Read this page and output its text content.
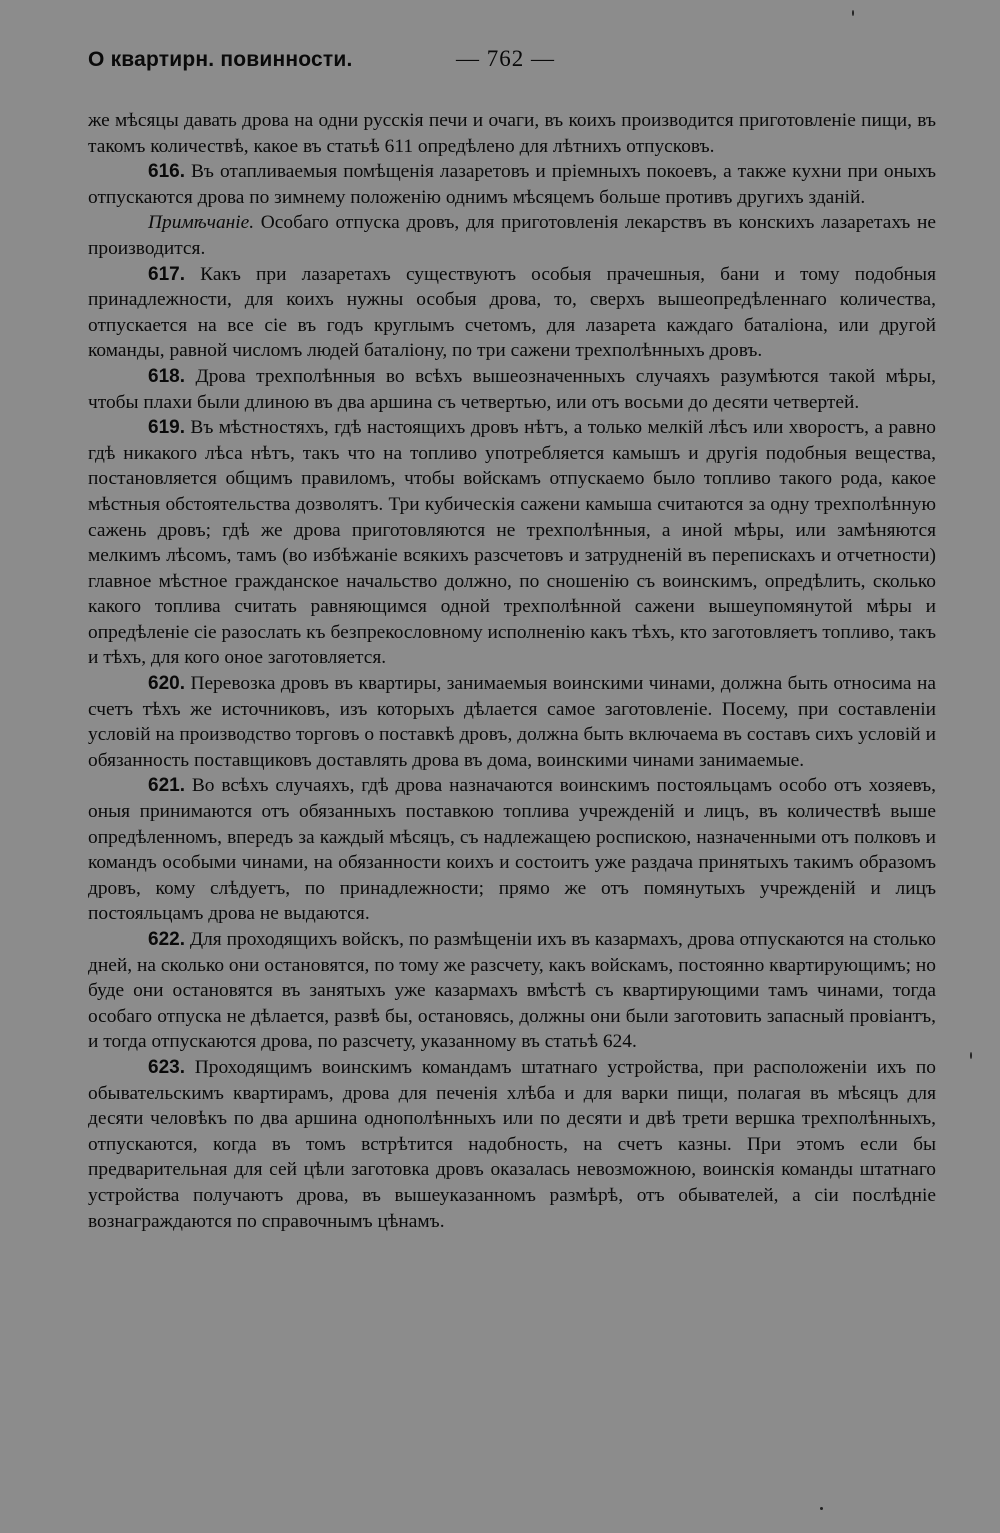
О квартирн. повинности.	— 762 —

же мѣсяцы давать дрова на одни русскія печи и очаги, въ коихъ производится приготовленіе пищи, въ такомъ количествѣ, какое въ статьѣ 611 опредѣлено для лѣтнихъ отпусковъ.

616. Въ отапливаемыя помѣщенія лазаретовъ и пріемныхъ покоевъ, а также кухни при оныхъ отпускаются дрова по зимнему положенію однимъ мѣсяцемъ больше противъ другихъ зданій.

Примѣчаніе. Особаго отпуска дровъ, для приготовленія лекарствъ въ конскихъ лазаретахъ не производится.

617. Какъ при лазаретахъ существуютъ особыя прачешныя, бани и тому подобныя принадлежности, для коихъ нужны особыя дрова, то, сверхъ вышеопредѣленнаго количества, отпускается на все сіе въ годъ круглымъ счетомъ, для лазарета каждаго баталіона, или другой команды, равной числомъ людей баталіону, по три сажени трехполѣнныхъ дровъ.

618. Дрова трехполѣнныя во всѣхъ вышеозначенныхъ случаяхъ разумѣются такой мѣры, чтобы плахи были длиною въ два аршина съ четвертью, или отъ восьми до десяти четвертей.

619. Въ мѣстностяхъ, гдѣ настоящихъ дровъ нѣтъ, а только мелкій лѣсъ или хворостъ, а равно гдѣ никакого лѣса нѣтъ, такъ что на топливо употребляется камышъ и другія подобныя вещества, постановляется общимъ правиломъ, чтобы войскамъ отпускаемо было топливо такого рода, какое мѣстныя обстоятельства дозволятъ. Три кубическія сажени камыша считаются за одну трехполѣнную сажень дровъ; гдѣ же дрова приготовляются не трехполѣнныя, а иной мѣры, или замѣняются мелкимъ лѣсомъ, тамъ (во избѣжаніе всякихъ разсчетовъ и затрудненій въ перепискахъ и отчетности) главное мѣстное гражданское начальство должно, по сношенію съ воинскимъ, опредѣлить, сколько какого топлива считать равняющимся одной трехполѣнной сажени вышеупомянутой мѣры и опредѣленіе сіе разослать къ безпрекословному исполненію какъ тѣхъ, кто заготовляетъ топливо, такъ и тѣхъ, для кого оное заготовляется.

620. Перевозка дровъ въ квартиры, занимаемыя воинскими чинами, должна быть относима на счетъ тѣхъ же источниковъ, изъ которыхъ дѣлается самое заготовленіе. Посему, при составленіи условій на производство торговъ о поставкѣ дровъ, должна быть включаема въ составъ сихъ условій и обязанность поставщиковъ доставлять дрова въ дома, воинскими чинами занимаемые.

621. Во всѣхъ случаяхъ, гдѣ дрова назначаются воинскимъ постояльцамъ особо отъ хозяевъ, оныя принимаются отъ обязанныхъ поставкою топлива учрежденій и лицъ, въ количествѣ выше опредѣленномъ, впередъ за каждый мѣсяцъ, съ надлежащею роспискою, назначенными отъ полковъ и командъ особыми чинами, на обязанности коихъ и состоитъ уже раздача принятыхъ такимъ образомъ дровъ, кому слѣдуетъ, по принадлежности; прямо же отъ помянутыхъ учрежденій и лицъ постояльцамъ дрова не выдаются.

622. Для проходящихъ войскъ, по размѣщеніи ихъ въ казармахъ, дрова отпускаются на столько дней, на сколько они остановятся, по тому же разсчету, какъ войскамъ, постоянно квартирующимъ; но буде они остановятся въ занятыхъ уже казармахъ вмѣстѣ съ квартирующими тамъ чинами, тогда особаго отпуска не дѣлается, развѣ бы, остановясь, должны они были заготовить запасный провіантъ, и тогда отпускаются дрова, по разсчету, указанному въ статьѣ 624.

623. Проходящимъ воинскимъ командамъ штатнаго устройства, при расположеніи ихъ по обывательскимъ квартирамъ, дрова для печенія хлѣба и для варки пищи, полагая въ мѣсяцъ для десяти человѣкъ по два аршина однополѣнныхъ или по десяти и двѣ трети вершка трехполѣнныхъ, отпускаются, когда въ томъ встрѣтится надобность, на счетъ казны. При этомъ если бы предварительная для сей цѣли заготовка дровъ оказалась невозможною, воинскія команды штатнаго устройства получаютъ дрова, въ вышеуказанномъ размѣрѣ, отъ обывателей, а сіи послѣдніе вознаграждаются по справочнымъ цѣнамъ.
